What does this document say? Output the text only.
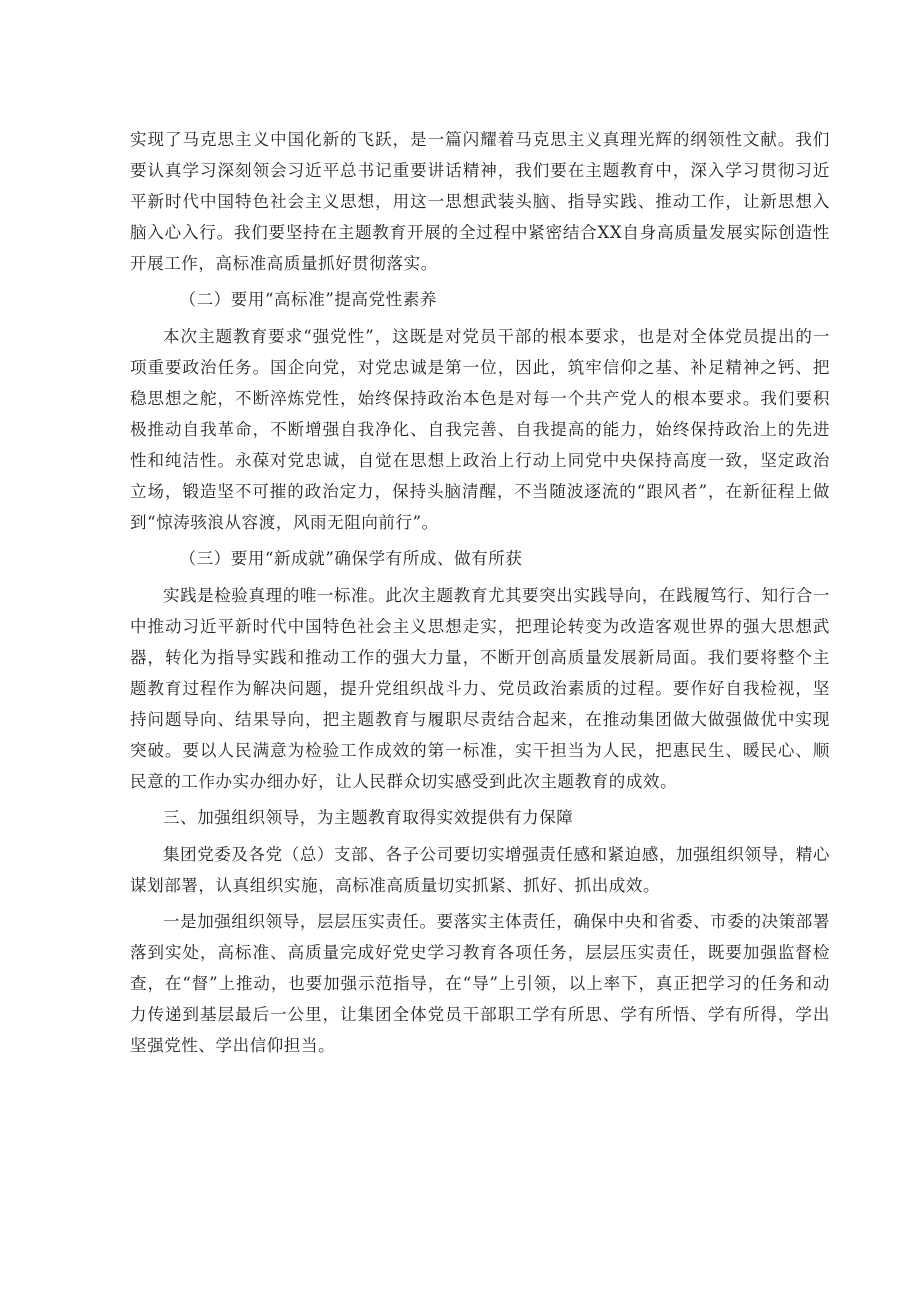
实现了马克思主义中国化新的飞跃，是一篇闪耀着马克思主义真理光辉的纲领性文献。我们要认真学习深刻领会习近平总书记重要讲话精神，我们要在主题教育中，深入学习贯彻习近平新时代中国特色社会主义思想，用这一思想武装头脑、指导实践、推动工作，让新思想入脑入心入行。我们要坚持在主题教育开展的全过程中紧密结合XX自身高质量发展实际创造性开展工作，高标准高质量抓好贯彻落实。

（二）要用“高标准”提高党性素养

本次主题教育要求“强党性”，这既是对党员干部的根本要求，也是对全体党员提出的一项重要政治任务。国企向党，对党忠诚是第一位，因此，筑牢信仰之基、补足精神之钙、把稳思想之舵，不断淬炼党性，始终保持政治本色是对每一个共产党人的根本要求。我们要积极推动自我革命，不断增强自我净化、自我完善、自我提高的能力，始终保持政治上的先进性和纯洁性。永葆对党忠诚，自觉在思想上政治上行动上同党中央保持高度一致，坚定政治立场，锻造坚不可摧的政治定力，保持头脑清醒，不当随波逐流的“跟风者”，在新征程上做到“惊涛骇浪从容渡，风雨无阻向前行”。

（三）要用“新成就”确保学有所成、做有所获

实践是检验真理的唯一标准。此次主题教育尤其要突出实践导向，在践履笃行、知行合一中推动习近平新时代中国特色社会主义思想走实，把理论转变为改造客观世界的强大思想武器，转化为指导实践和推动工作的强大力量，不断开创高质量发展新局面。我们要将整个主题教育过程作为解决问题，提升党组织战斗力、党员政治素质的过程。要作好自我检视，坚持问题导向、结果导向，把主题教育与履职尽责结合起来，在推动集团做大做强做优中实现突破。要以人民满意为检验工作成效的第一标准，实干担当为人民，把惠民生、暖民心、顺民意的工作办实办细办好，让人民群众切实感受到此次主题教育的成效。

三、加强组织领导，为主题教育取得实效提供有力保障

集团党委及各党（总）支部、各子公司要切实增强责任感和紧迫感，加强组织领导，精心谋划部署，认真组织实施，高标准高质量切实抓紧、抓好、抓出成效。

一是加强组织领导，层层压实责任。要落实主体责任，确保中央和省委、市委的决策部署落到实处，高标准、高质量完成好党史学习教育各项任务，层层压实责任，既要加强监督检查，在“督”上推动，也要加强示范指导，在“导”上引领，以上率下，真正把学习的任务和动力传递到基层最后一公里，让集团全体党员干部职工学有所思、学有所悟、学有所得，学出坚强党性、学出信仰担当。
